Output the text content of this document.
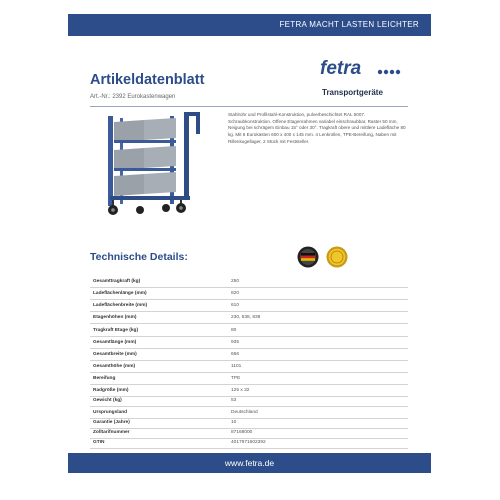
FETRA MACHT LASTEN LEICHTER
Artikeldatenblatt
Art.-Nr.: 2392 Eurokastenwagen
fetra
Transportgeräte
Stahlrohr und Profilstahl-Konstruktion, pulverbeschichtet RAL 5007. Schraubkonstruktion. Offene Etagenrahmen variabel einschraubbar, Raster 50 mm, Neigung bei schrägem Einbau 15° oder 30°. Tragkraft obere und mittlere Ladefläche 80 kg. Mit 6 Eurokästen 600 x 400 x 145 mm. 4 Lenkrollen, TPE-Bereifung, Naben mit Rillenkugellager, 2 Stück mit Feststeller.
Technische Details:
Gesamttragkraft (kg)	250
Ladeflächenlänge (mm)	820
Ladeflächenbreite (mm)	610
Etagenhöhen (mm)	230, 538, 838
Tragkraft Etage (kg)	80
Gesamtlänge (mm)	935
Gesamtbreite (mm)	666
Gesamthöhe (mm)	1101
Bereifung	TPE
Radgröße (mm)	125 x 32
Gewicht (kg)	53
Ursprungsland	Deutschland
Garantie (Jahre)	10
Zolltarifnummer	87168000
GTIN	4017971602392
www.fetra.de
